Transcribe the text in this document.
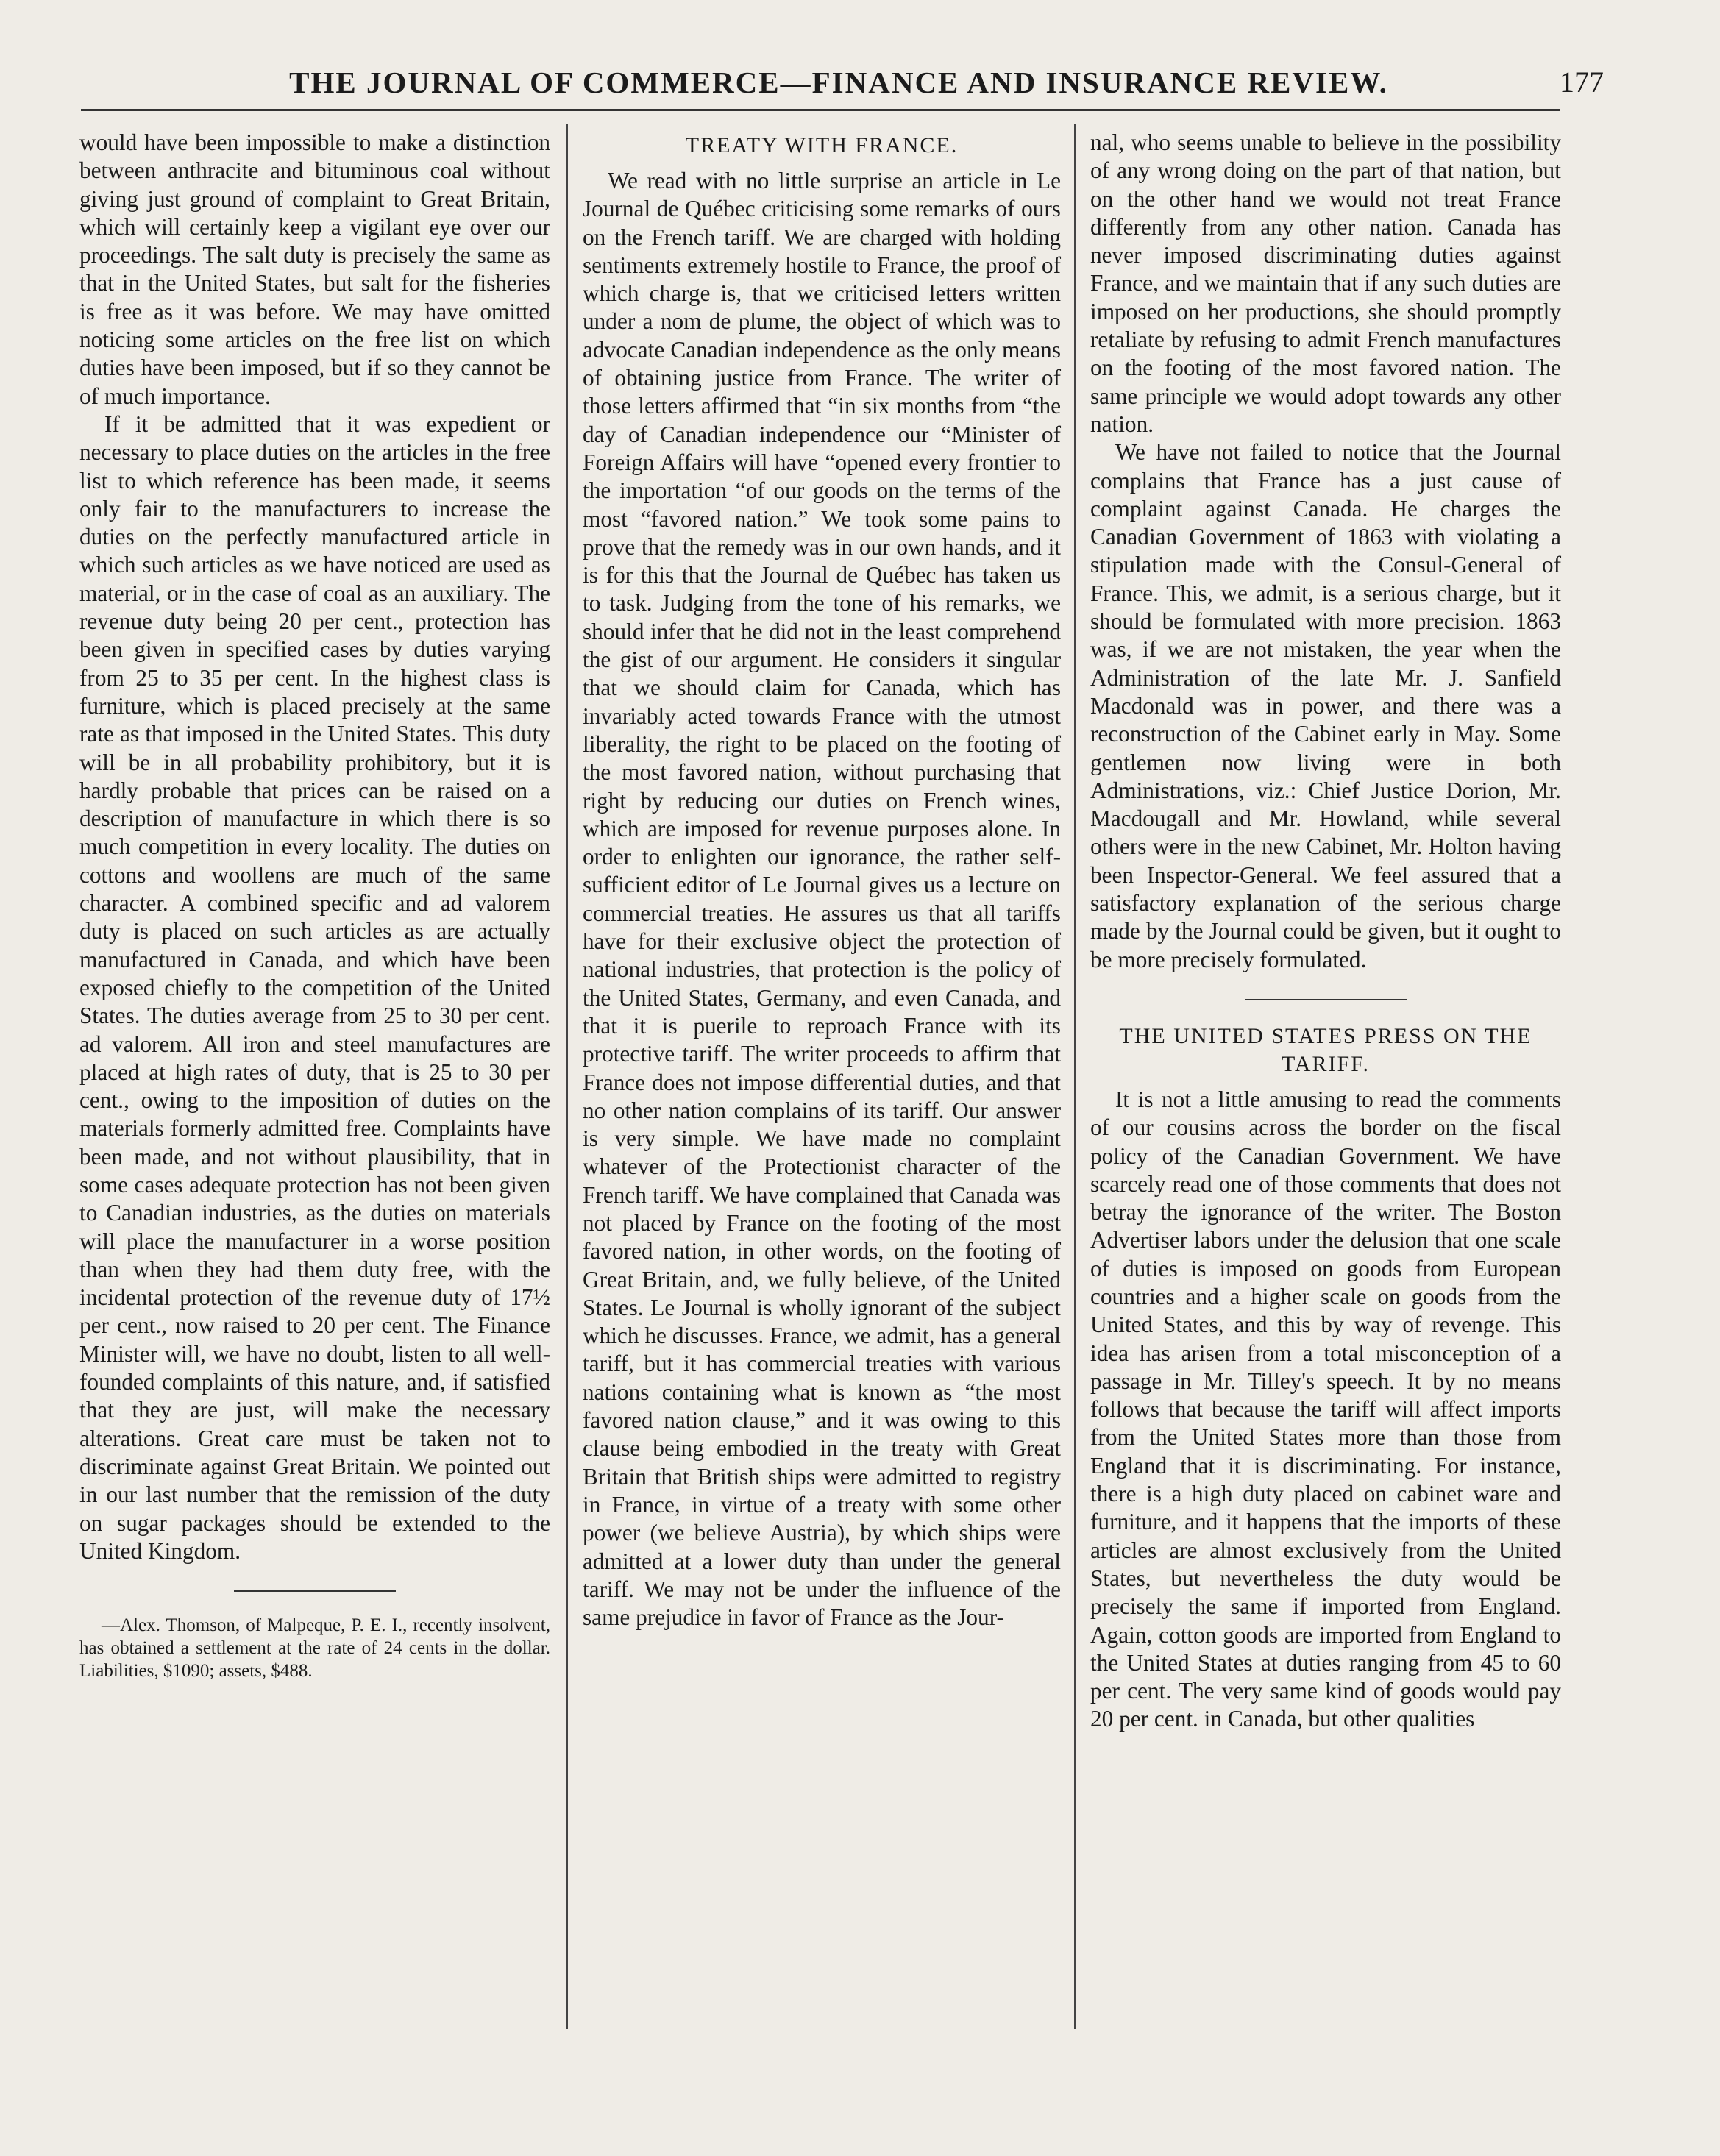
THE JOURNAL OF COMMERCE—FINANCE AND INSURANCE REVIEW.	177

would have been impossible to make a distinction between anthracite and bituminous coal without giving just ground of complaint to Great Britain, which will certainly keep a vigilant eye over our proceedings. The salt duty is precisely the same as that in the United States, but salt for the fisheries is free as it was before. We may have omitted noticing some articles on the free list on which duties have been imposed, but if so they cannot be of much importance.

If it be admitted that it was expedient or necessary to place duties on the articles in the free list to which reference has been made, it seems only fair to the manufacturers to increase the duties on the perfectly manufactured article in which such articles as we have noticed are used as material, or in the case of coal as an auxiliary. The revenue duty being 20 per cent., protection has been given in specified cases by duties varying from 25 to 35 per cent. In the highest class is furniture, which is placed precisely at the same rate as that imposed in the United States. This duty will be in all probability prohibitory, but it is hardly probable that prices can be raised on a description of manufacture in which there is so much competition in every locality. The duties on cottons and woollens are much of the same character. A combined specific and ad valorem duty is placed on such articles as are actually manufactured in Canada, and which have been exposed chiefly to the competition of the United States. The duties average from 25 to 30 per cent. ad valorem. All iron and steel manufactures are placed at high rates of duty, that is 25 to 30 per cent., owing to the imposition of duties on the materials formerly admitted free. Complaints have been made, and not without plausibility, that in some cases adequate protection has not been given to Canadian industries, as the duties on materials will place the manufacturer in a worse position than when they had them duty free, with the incidental protection of the revenue duty of 17½ per cent., now raised to 20 per cent. The Finance Minister will, we have no doubt, listen to all well-founded complaints of this nature, and, if satisfied that they are just, will make the necessary alterations. Great care must be taken not to discriminate against Great Britain. We pointed out in our last number that the remission of the duty on sugar packages should be extended to the United Kingdom.

—Alex. Thomson, of Malpeque, P. E. I., recently insolvent, has obtained a settlement at the rate of 24 cents in the dollar. Liabilities, $1090; assets, $488.

TREATY WITH FRANCE.

We read with no little surprise an article in Le Journal de Québec criticising some remarks of ours on the French tariff. We are charged with holding sentiments extremely hostile to France, the proof of which charge is, that we criticised letters written under a nom de plume, the object of which was to advocate Canadian independence as the only means of obtaining justice from France. The writer of those letters affirmed that “in six months from “the day of Canadian independence our “Minister of Foreign Affairs will have “opened every frontier to the importation “of our goods on the terms of the most “favored nation.” We took some pains to prove that the remedy was in our own hands, and it is for this that the Journal de Québec has taken us to task. Judging from the tone of his remarks, we should infer that he did not in the least comprehend the gist of our argument. He considers it singular that we should claim for Canada, which has invariably acted towards France with the utmost liberality, the right to be placed on the footing of the most favored nation, without purchasing that right by reducing our duties on French wines, which are imposed for revenue purposes alone. In order to enlighten our ignorance, the rather self-sufficient editor of Le Journal gives us a lecture on commercial treaties. He assures us that all tariffs have for their exclusive object the protection of national industries, that protection is the policy of the United States, Germany, and even Canada, and that it is puerile to reproach France with its protective tariff. The writer proceeds to affirm that France does not impose differential duties, and that no other nation complains of its tariff. Our answer is very simple. We have made no complaint whatever of the Protectionist character of the French tariff. We have complained that Canada was not placed by France on the footing of the most favored nation, in other words, on the footing of Great Britain, and, we fully believe, of the United States. Le Journal is wholly ignorant of the subject which he discusses. France, we admit, has a general tariff, but it has commercial treaties with various nations containing what is known as “the most favored nation clause,” and it was owing to this clause being embodied in the treaty with Great Britain that British ships were admitted to registry in France, in virtue of a treaty with some other power (we believe Austria), by which ships were admitted at a lower duty than under the general tariff. We may not be under the influence of the same prejudice in favor of France as the Jour-

nal, who seems unable to believe in the possibility of any wrong doing on the part of that nation, but on the other hand we would not treat France differently from any other nation. Canada has never imposed discriminating duties against France, and we maintain that if any such duties are imposed on her productions, she should promptly retaliate by refusing to admit French manufactures on the footing of the most favored nation. The same principle we would adopt towards any other nation.

We have not failed to notice that the Journal complains that France has a just cause of complaint against Canada. He charges the Canadian Government of 1863 with violating a stipulation made with the Consul-General of France. This, we admit, is a serious charge, but it should be formulated with more precision. 1863 was, if we are not mistaken, the year when the Administration of the late Mr. J. Sanfield Macdonald was in power, and there was a reconstruction of the Cabinet early in May. Some gentlemen now living were in both Administrations, viz.: Chief Justice Dorion, Mr. Macdougall and Mr. Howland, while several others were in the new Cabinet, Mr. Holton having been Inspector-General. We feel assured that a satisfactory explanation of the serious charge made by the Journal could be given, but it ought to be more precisely formulated.

THE UNITED STATES PRESS ON THE TARIFF.

It is not a little amusing to read the comments of our cousins across the border on the fiscal policy of the Canadian Government. We have scarcely read one of those comments that does not betray the ignorance of the writer. The Boston Advertiser labors under the delusion that one scale of duties is imposed on goods from European countries and a higher scale on goods from the United States, and this by way of revenge. This idea has arisen from a total misconception of a passage in Mr. Tilley's speech. It by no means follows that because the tariff will affect imports from the United States more than those from England that it is discriminating. For instance, there is a high duty placed on cabinet ware and furniture, and it happens that the imports of these articles are almost exclusively from the United States, but nevertheless the duty would be precisely the same if imported from England. Again, cotton goods are imported from England to the United States at duties ranging from 45 to 60 per cent. The very same kind of goods would pay 20 per cent. in Canada, but other qualities
